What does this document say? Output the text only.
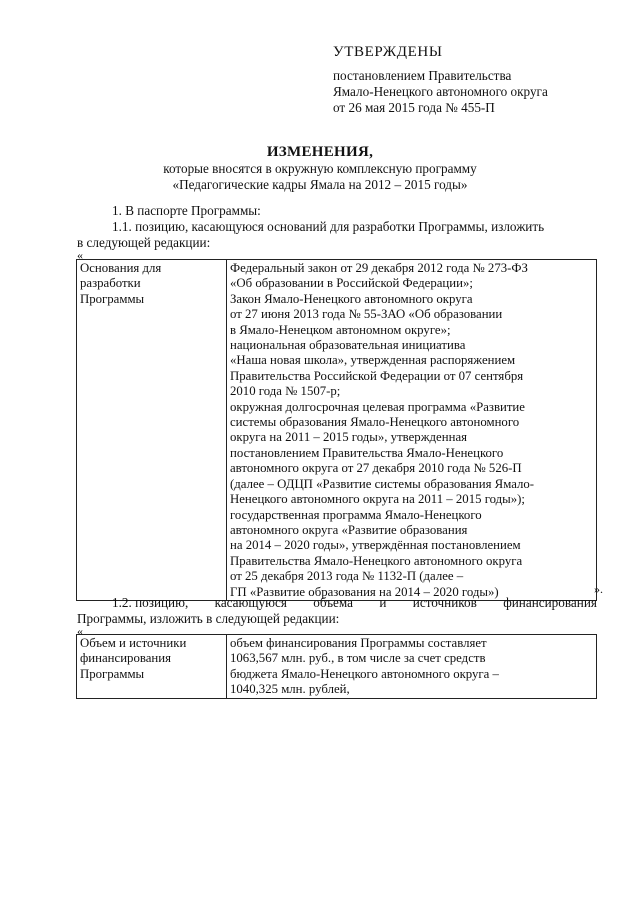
УТВЕРЖДЕНЫ
постановлением Правительства
Ямало-Ненецкого автономного округа
от 26 мая 2015 года № 455-П
ИЗМЕНЕНИЯ,
которые вносятся в окружную комплексную программу
«Педагогические кадры Ямала на 2012 – 2015 годы»
1. В паспорте Программы:
1.1. позицию, касающуюся оснований для разработки Программы, изложить
в следующей редакции:
«
Основания для
разработки
Программы

Федеральный закон от 29 декабря 2012 года № 273-ФЗ
«Об образовании в Российской Федерации»;
Закон Ямало-Ненецкого автономного округа
от 27 июня 2013 года № 55-ЗАО «Об образовании
в Ямало-Ненецком автономном округе»;
национальная образовательная инициатива
«Наша новая школа», утвержденная распоряжением
Правительства Российской Федерации от 07 сентября
2010 года № 1507-р;
окружная долгосрочная целевая программа «Развитие
системы образования Ямало-Ненецкого автономного
округа на 2011 – 2015 годы», утвержденная
постановлением Правительства Ямало-Ненецкого
автономного округа от 27 декабря 2010 года № 526-П
(далее – ОДЦП «Развитие системы образования Ямало-
Ненецкого автономного округа на 2011 – 2015 годы»);
государственная программа Ямало-Ненецкого
автономного округа «Развитие образования
на 2014 – 2020 годы», утверждённая постановлением
Правительства Ямало-Ненецкого автономного округа
от 25 декабря 2013 года № 1132-П (далее –
ГП «Развитие образования на 2014 – 2020 годы»)	».
1.2. позицию, касающуюся объема и источников финансирования
Программы, изложить в следующей редакции:
«
Объем и источники
финансирования
Программы

объем финансирования Программы составляет
1063,567 млн. руб., в том числе за счет средств
бюджета Ямало-Ненецкого автономного округа –
1040,325 млн. рублей,
